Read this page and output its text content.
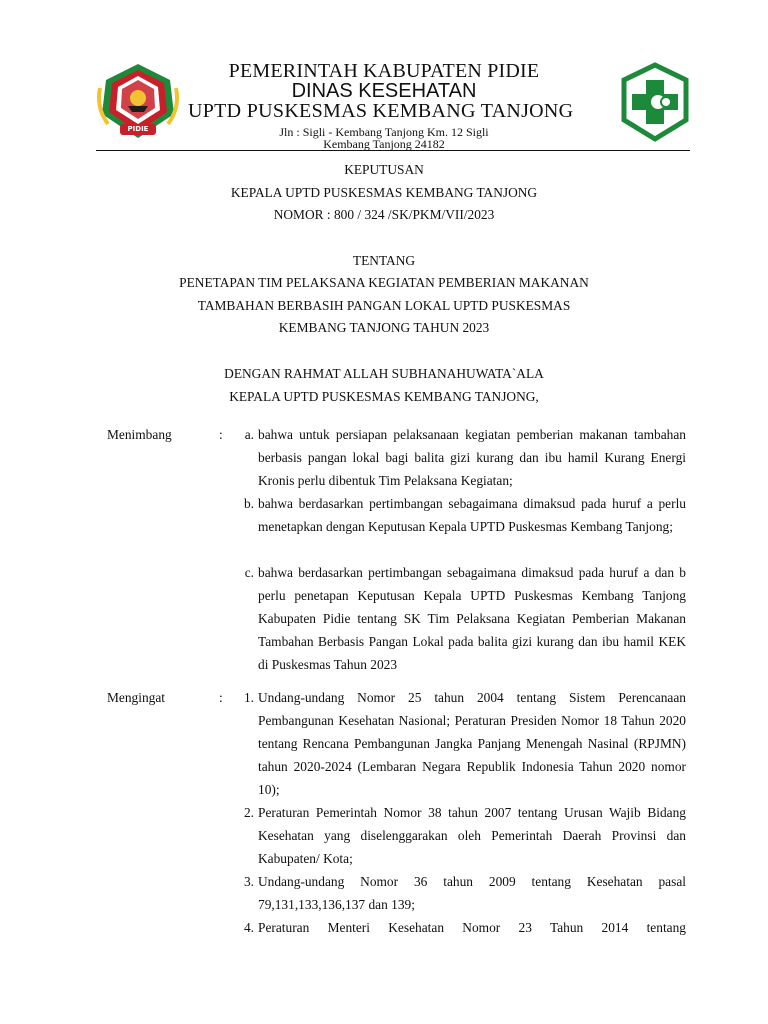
PIDIE
PEMERINTAH KABUPATEN PIDIE
DINAS KESEHATAN
UPTD PUSKESMAS KEMBANG TANJONG
Jln : Sigli - Kembang Tanjong Km. 12 Sigli
Kembang Tanjong 24182
KEPUTUSAN
KEPALA UPTD PUSKESMAS KEMBANG TANJONG
NOMOR : 800 / 324 /SK/PKM/VII/2023
TENTANG
PENETAPAN TIM PELAKSANA KEGIATAN PEMBERIAN MAKANAN
TAMBAHAN BERBASIH PANGAN LOKAL UPTD PUSKESMAS
KEMBANG TANJONG TAHUN 2023
DENGAN RAHMAT ALLAH SUBHANAHUWATA`ALA
KEPALA UPTD PUSKESMAS KEMBANG TANJONG,
Menimbang	:	a. bahwa untuk persiapan pelaksanaan kegiatan pemberian makanan tambahan berbasis pangan lokal bagi balita gizi kurang dan ibu hamil Kurang Energi Kronis perlu dibentuk Tim Pelaksana Kegiatan;

b. bahwa berdasarkan pertimbangan sebagaimana dimaksud pada huruf a perlu menetapkan dengan Keputusan Kepala UPTD Puskesmas Kembang Tanjong;

c. bahwa berdasarkan pertimbangan sebagaimana dimaksud pada huruf a dan b perlu penetapan Keputusan Kepala UPTD Puskesmas Kembang Tanjong Kabupaten Pidie tentang SK Tim Pelaksana Kegiatan Pemberian Makanan Tambahan Berbasis Pangan Lokal pada balita gizi kurang dan ibu hamil KEK di Puskesmas Tahun 2023

Mengingat	:	1. Undang-undang Nomor 25 tahun 2004 tentang Sistem Perencanaan Pembangunan Kesehatan Nasional; Peraturan Presiden Nomor 18 Tahun 2020 tentang Rencana Pembangunan Jangka Panjang Menengah Nasinal (RPJMN) tahun 2020-2024 (Lembaran Negara Republik Indonesia Tahun 2020 nomor 10);

2. Peraturan Pemerintah Nomor 38 tahun 2007 tentang Urusan Wajib Bidang Kesehatan yang diselenggarakan oleh Pemerintah Daerah Provinsi dan Kabupaten/ Kota;

3. Undang-undang Nomor 36 tahun 2009 tentang Kesehatan pasal 79,131,133,136,137 dan 139;

4. Peraturan Menteri Kesehatan Nomor 23 Tahun 2014 tentang
